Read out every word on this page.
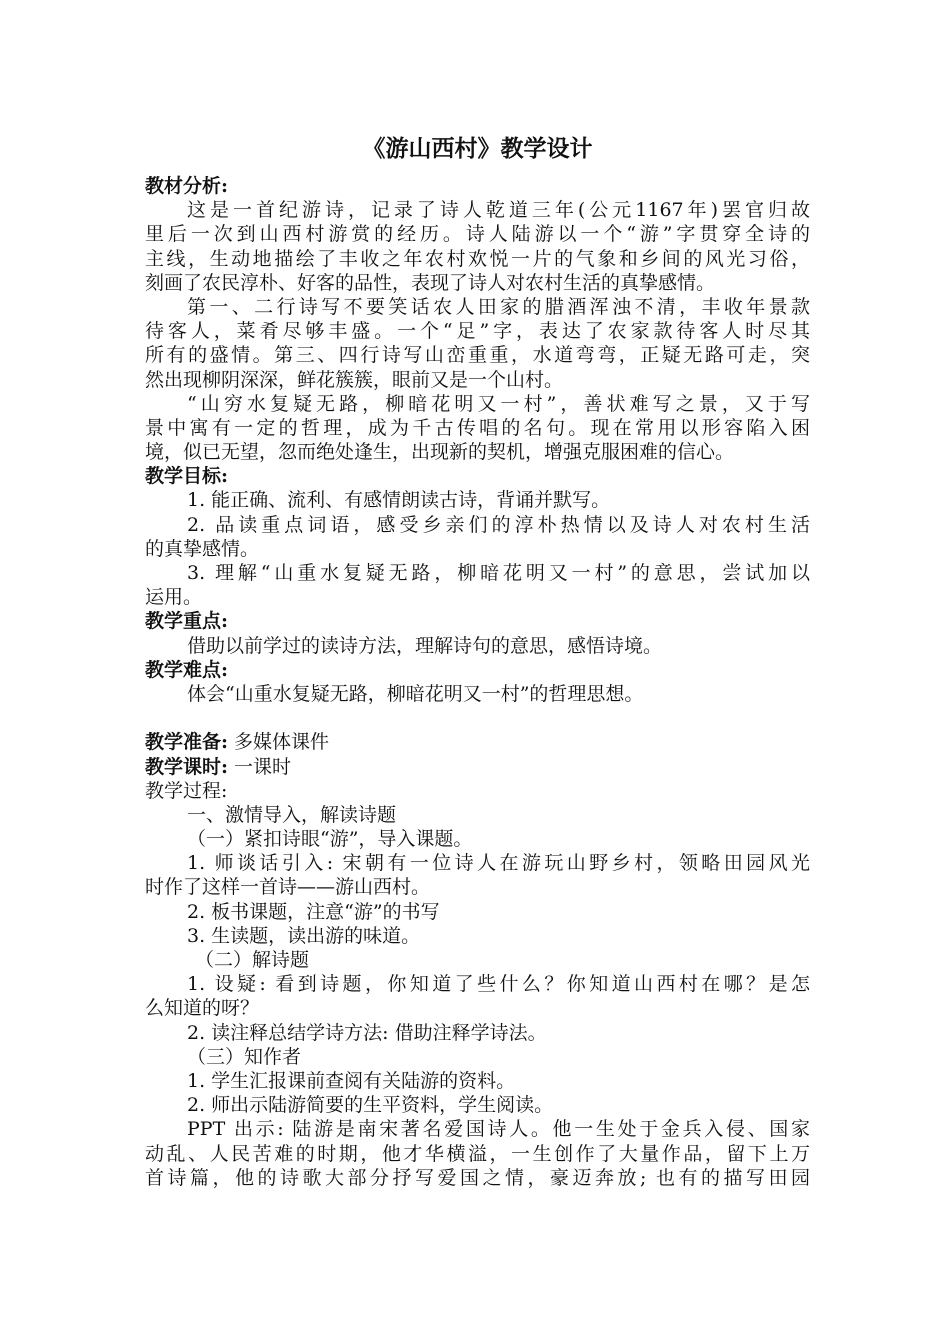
《游山西村》教学设计
教材分析:
这是一首纪游诗，记录了诗人乾道三年(公元1167年)罢官归故
里后一次到山西村游赏的经历。诗人陆游以一个“游”字贯穿全诗的
主线，生动地描绘了丰收之年农村欢悦一片的气象和乡间的风光习俗，
刻画了农民淳朴、好客的品性，表现了诗人对农村生活的真挚感情。
第一、二行诗写不要笑话农人田家的腊酒浑浊不清，丰收年景款
待客人，菜肴尽够丰盛。一个“足”字，表达了农家款待客人时尽其
所有的盛情。第三、四行诗写山峦重重，水道弯弯，正疑无路可走，突
然出现柳阴深深，鲜花簇簇，眼前又是一个山村。
“山穷水复疑无路，柳暗花明又一村”，善状难写之景，又于写
景中寓有一定的哲理，成为千古传唱的名句。现在常用以形容陷入困
境，似已无望，忽而绝处逢生，出现新的契机，增强克服困难的信心。
教学目标:
1. 能正确、流利、有感情朗读古诗，背诵并默写。
2. 品读重点词语，感受乡亲们的淳朴热情以及诗人对农村生活
的真挚感情。
3. 理解“山重水复疑无路，柳暗花明又一村”的意思，尝试加以
运用。
教学重点:
借助以前学过的读诗方法，理解诗句的意思，感悟诗境。
教学难点:
体会“山重水复疑无路，柳暗花明又一村”的哲理思想。
教学准备: 多媒体课件
教学课时: 一课时
教学过程:
一、激情导入，解读诗题
（一）紧扣诗眼“游”，导入课题。
1. 师谈话引入: 宋朝有一位诗人在游玩山野乡村，领略田园风光
时作了这样一首诗——游山西村。
2. 板书课题，注意“游”的书写
3. 生读题，读出游的味道。
（二）解诗题
1. 设疑: 看到诗题，你知道了些什么？你知道山西村在哪？是怎
么知道的呀？
2. 读注释总结学诗方法: 借助注释学诗法。
（三）知作者
1. 学生汇报课前查阅有关陆游的资料。
2. 师出示陆游简要的生平资料，学生阅读。
PPT 出示: 陆游是南宋著名爱国诗人。他一生处于金兵入侵、国家
动乱、人民苦难的时期，他才华横溢，一生创作了大量作品，留下上万
首诗篇，他的诗歌大部分抒写爱国之情，豪迈奔放; 也有的描写田园
